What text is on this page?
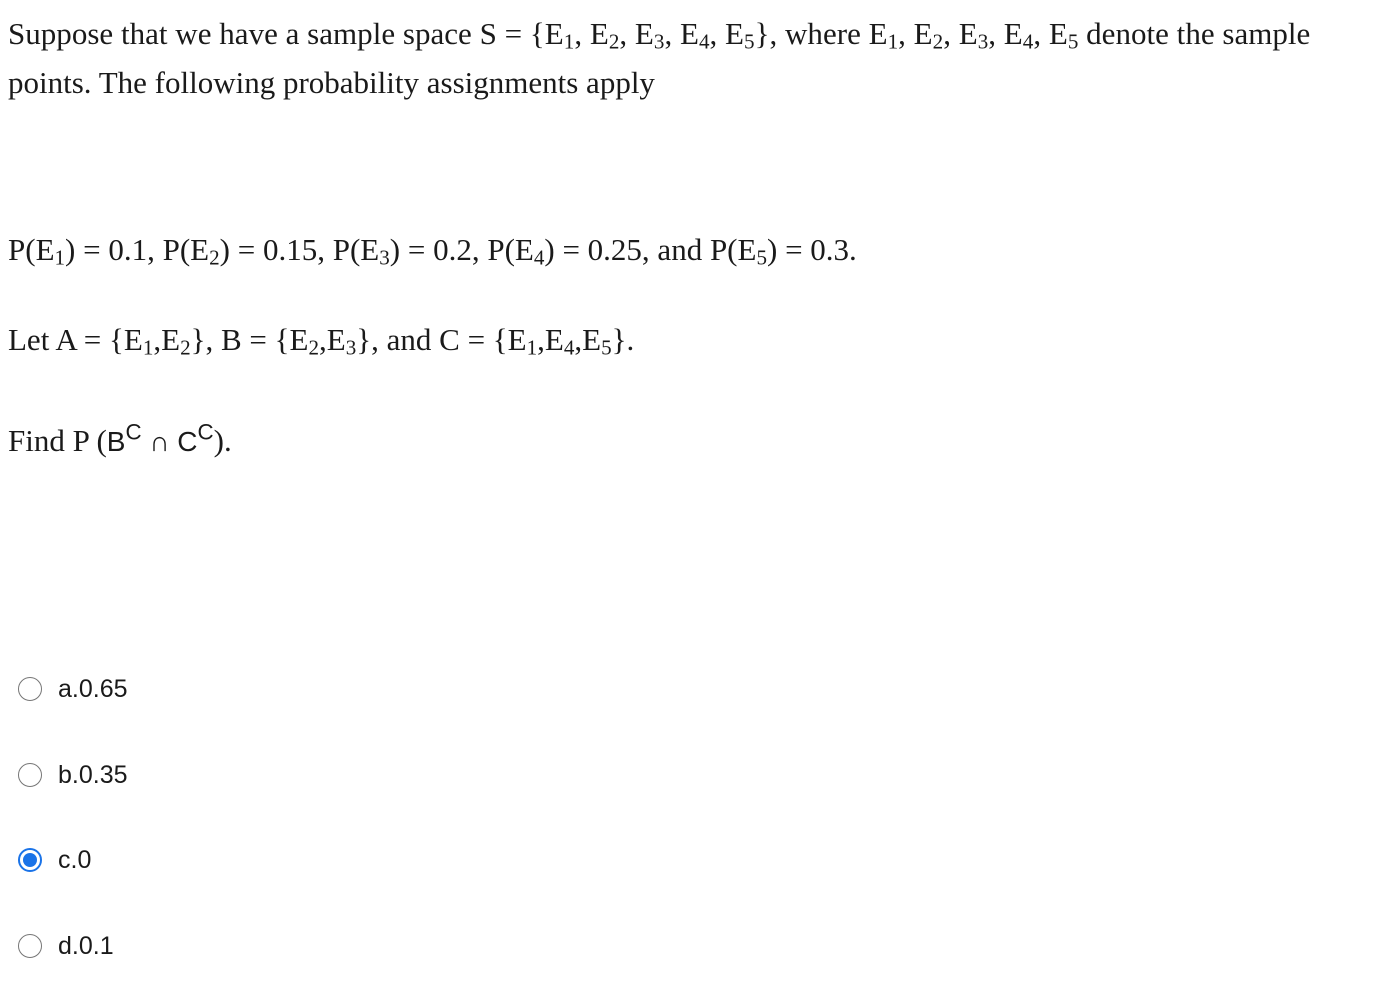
Suppose that we have a sample space $S = \{E_1$, $E_2$, $E_3$, $E_4$, $E_5$}, where $E_1$, $E_2$, $E_3$, $E_4$, $E_5$ denote the sample

points. The following probability assignments apply

$P(E_1) = 0.1$, $P(E_2) = 0.15$, $P(E_3) = 0.2$, $P(E_4) = 0.25$, and $P(E_5) = 0.3$.

Let $A = \{E_1,E_2\}$, $B = \{E_2,E_3\}$, and $C = \{E_1,E_4,E_5\}$.

Find P ($B^C$ ∩ $C^C$).

a. 0.65
b. 0.35
c. 0
d. 0.1
